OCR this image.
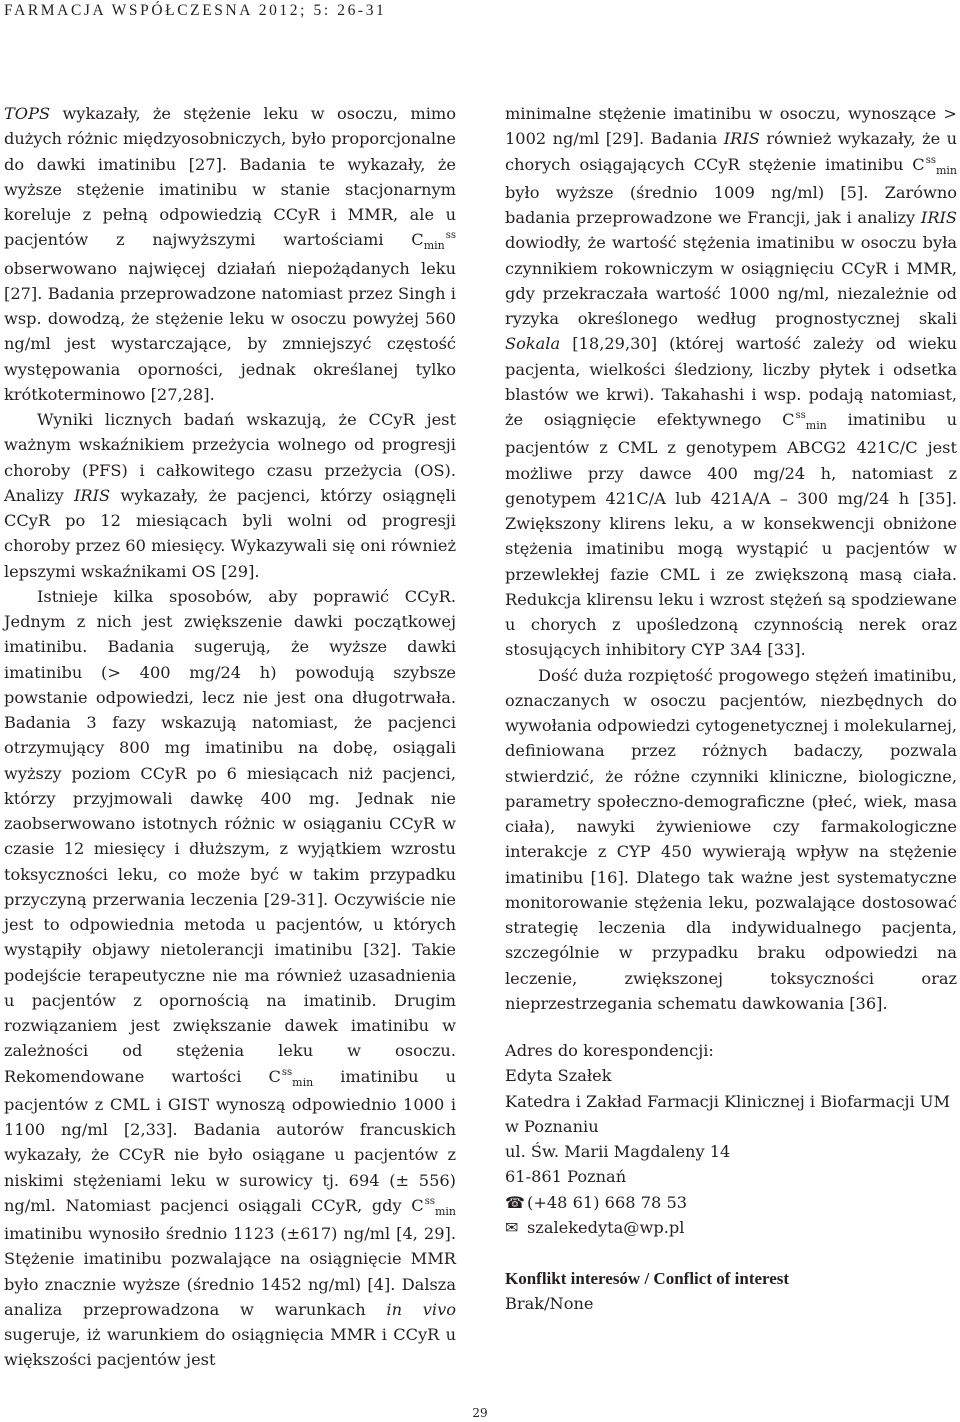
FARMACJA WSPÓŁCZESNA 2012; 5: 26-31

TOPS wykazały, że stężenie leku w osoczu, mimo dużych różnic międzyosobniczych, było proporcjonalne do dawki imatinibu [27]. Badania te wykazały, że wyższe stężenie imatinibu w stanie stacjonarnym koreluje z pełną odpowiedzią CCyR i MMR, ale u pacjentów z najwyższymi wartościami $C_{min}^{ss}$ obserwowano najwięcej działań niepożądanych leku [27]. Badania przeprowadzone natomiast przez Singh i wsp. dowodzą, że stężenie leku w osoczu powyżej 560 ng/ml jest wystarczające, by zmniejszyć częstość występowania oporności, jednak określanej tylko krótkoterminowo [27,28].

Wyniki licznych badań wskazują, że CCyR jest ważnym wskaźnikiem przeżycia wolnego od progresji choroby (PFS) i całkowitego czasu przeżycia (OS). Analizy IRIS wykazały, że pacjenci, którzy osiągnęli CCyR po 12 miesiącach byli wolni od progresji choroby przez 60 miesięcy. Wykazywali się oni również lepszymi wskaźnikami OS [29].

Istnieje kilka sposobów, aby poprawić CCyR. Jednym z nich jest zwiększenie dawki początkowej imatinibu. Badania sugerują, że wyższe dawki imatinibu (> 400 mg/24 h) powodują szybsze powstanie odpowiedzi, lecz nie jest ona długotrwała. Badania 3 fazy wskazują natomiast, że pacjenci otrzymujący 800 mg imatinibu na dobę, osiągali wyższy poziom CCyR po 6 miesiącach niż pacjenci, którzy przyjmowali dawkę 400 mg. Jednak nie zaobserwowano istotnych różnic w osiąganiu CCyR w czasie 12 miesięcy i dłuższym, z wyjątkiem wzrostu toksyczności leku, co może być w takim przypadku przyczyną przerwania leczenia [29-31]. Oczywiście nie jest to odpowiednia metoda u pacjentów, u których wystąpiły objawy nietolerancji imatinibu [32]. Takie podejście terapeutyczne nie ma również uzasadnienia u pacjentów z opornością na imatinib. Drugim rozwiązaniem jest zwiększanie dawek imatinibu w zależności od stężenia leku w osoczu. Rekomendowane wartości $C^{ss}_{min}$ imatinibu u pacjentów z CML i GIST wynoszą odpowiednio 1000 i 1100 ng/ml [2,33]. Badania autorów francuskich wykazały, że CCyR nie było osiągane u pacjentów z niskimi stężeniami leku w surowicy tj. 694 (± 556) ng/ml. Natomiast pacjenci osiągali CCyR, gdy $C^{ss}_{min}$ imatinibu wynosiło średnio 1123 (±617) ng/ml [4, 29]. Stężenie imatinibu pozwalające na osiągnięcie MMR było znacznie wyższe (średnio 1452 ng/ml) [4]. Dalsza analiza przeprowadzona w warunkach in vivo sugeruje, iż warunkiem do osiągnięcia MMR i CCyR u większości pacjentów jest

minimalne stężenie imatinibu w osoczu, wynoszące > 1002 ng/ml [29]. Badania IRIS również wykazały, że u chorych osiągających CCyR stężenie imatinibu $C^{ss}_{min}$ było wyższe (średnio 1009 ng/ml) [5]. Zarówno badania przeprowadzone we Francji, jak i analizy IRIS dowiodły, że wartość stężenia imatinibu w osoczu była czynnikiem rokowniczym w osiągnięciu CCyR i MMR, gdy przekraczała wartość 1000 ng/ml, niezależnie od ryzyka określonego według prognostycznej skali Sokala [18,29,30] (której wartość zależy od wieku pacjenta, wielkości śledziony, liczby płytek i odsetka blastów we krwi). Takahashi i wsp. podają natomiast, że osiągnięcie efektywnego $C^{ss}_{min}$ imatinibu u pacjentów z CML z genotypem ABCG2 421C/C jest możliwe przy dawce 400 mg/24 h, natomiast z genotypem 421C/A lub 421A/A – 300 mg/24 h [35]. Zwiększony klirens leku, a w konsekwencji obniżone stężenia imatinibu mogą wystąpić u pacjentów w przewlekłej fazie CML i ze zwiększoną masą ciała. Redukcja klirensu leku i wzrost stężeń są spodziewane u chorych z upośledzoną czynnością nerek oraz stosujących inhibitory CYP 3A4 [33].

Dość duża rozpiętość progowego stężeń imatinibu, oznaczanych w osoczu pacjentów, niezbędnych do wywołania odpowiedzi cytogenetycznej i molekularnej, definiowana przez różnych badaczy, pozwala stwierdzić, że różne czynniki kliniczne, biologiczne, parametry społeczno-demograficzne (płeć, wiek, masa ciała), nawyki żywieniowe czy farmakologiczne interakcje z CYP 450 wywierają wpływ na stężenie imatinibu [16]. Dlatego tak ważne jest systematyczne monitorowanie stężenia leku, pozwalające dostosować strategię leczenia dla indywidualnego pacjenta, szczególnie w przypadku braku odpowiedzi na leczenie, zwiększonej toksyczności oraz nieprzestrzegania schematu dawkowania [36].

Adres do korespondencji:
Edyta Szałek
Katedra i Zakład Farmacji Klinicznej i Biofarmacji UM w Poznaniu
ul. Św. Marii Magdaleny 14
61-861 Poznań
☎ (+48 61) 668 78 53
✉ szalekedyta@wp.pl
Konflikt interesów / Conflict of interest
Brak/None
29
